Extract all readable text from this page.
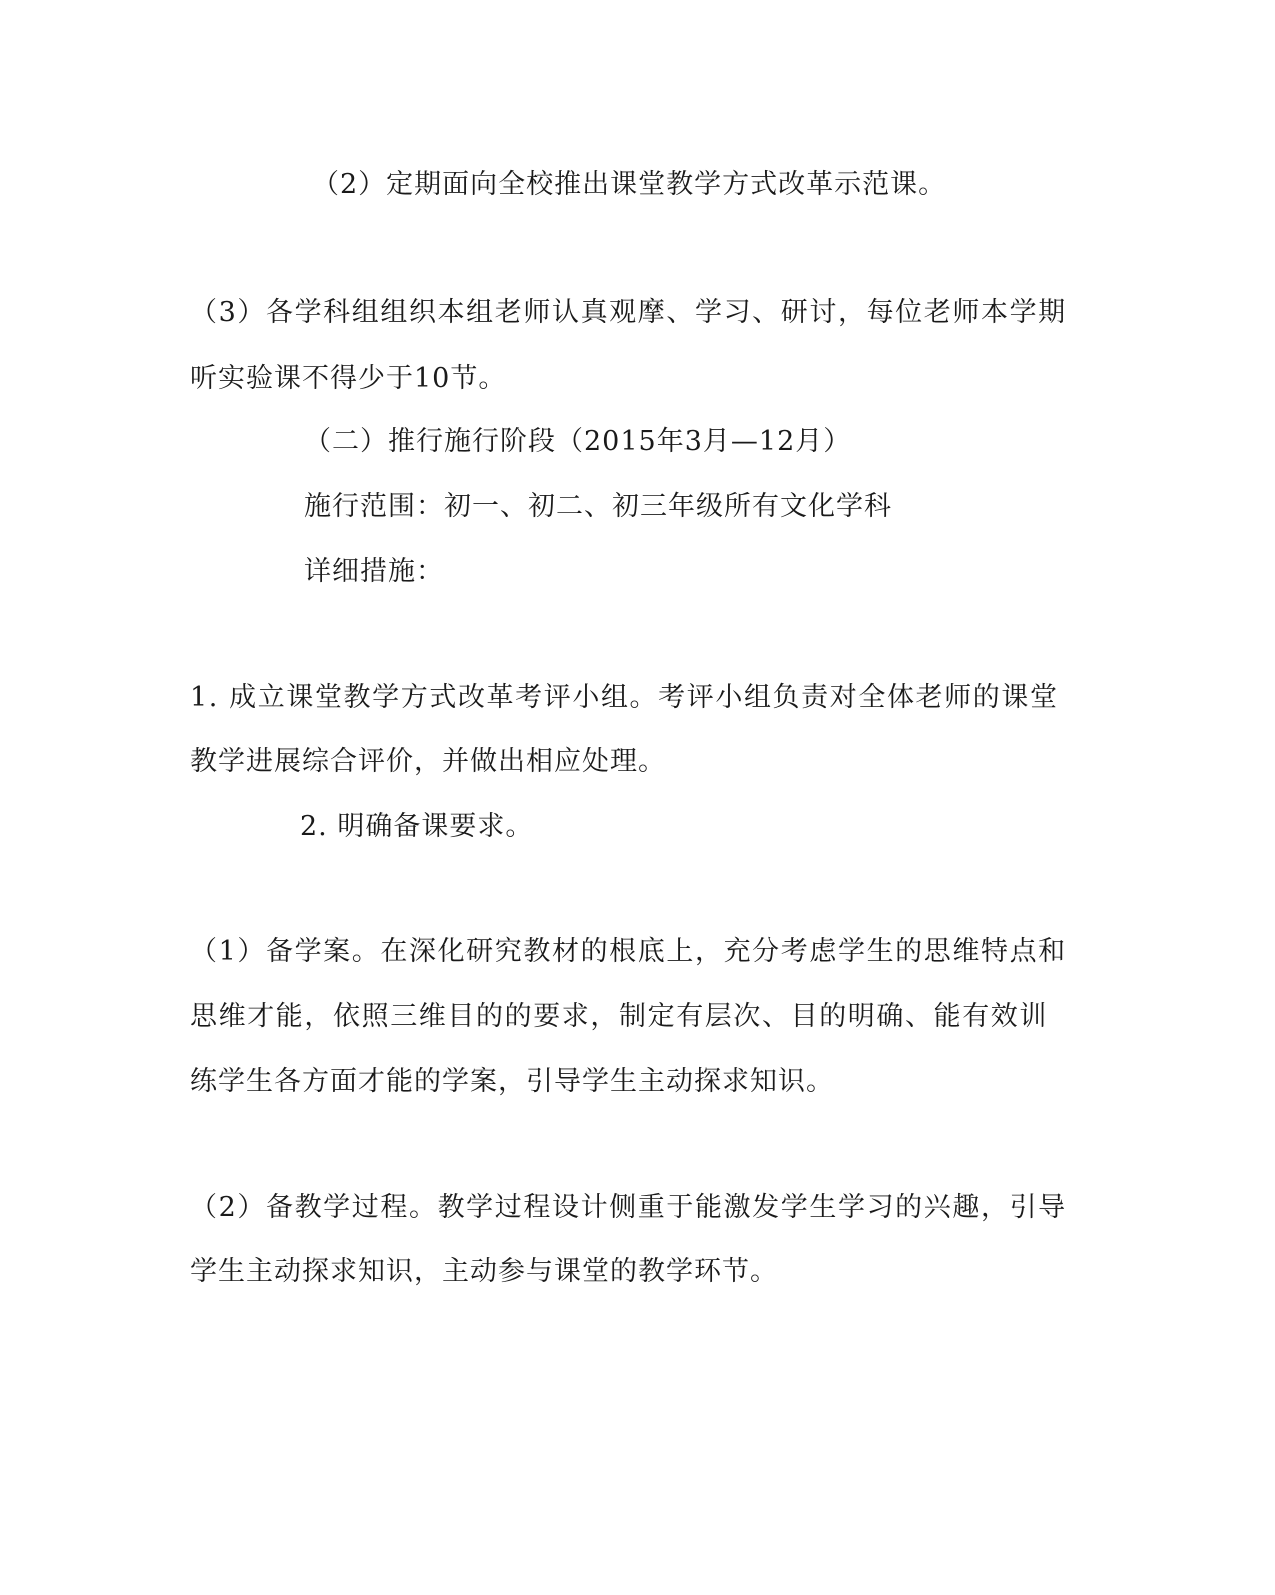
（2）定期面向全校推出课堂教学方式改革示范课。
（3）各学科组组织本组老师认真观摩、学习、研讨，每位老师本学期
听实验课不得少于10节。
（二）推行施行阶段（2015年3月—12月）
施行范围：初一、初二、初三年级所有文化学科
详细措施：
1. 成立课堂教学方式改革考评小组。考评小组负责对全体老师的课堂
教学进展综合评价，并做出相应处理。
2. 明确备课要求。
（1）备学案。在深化研究教材的根底上，充分考虑学生的思维特点和
思维才能，依照三维目的的要求，制定有层次、目的明确、能有效训
练学生各方面才能的学案，引导学生主动探求知识。
（2）备教学过程。教学过程设计侧重于能激发学生学习的兴趣，引导
学生主动探求知识，主动参与课堂的教学环节。
